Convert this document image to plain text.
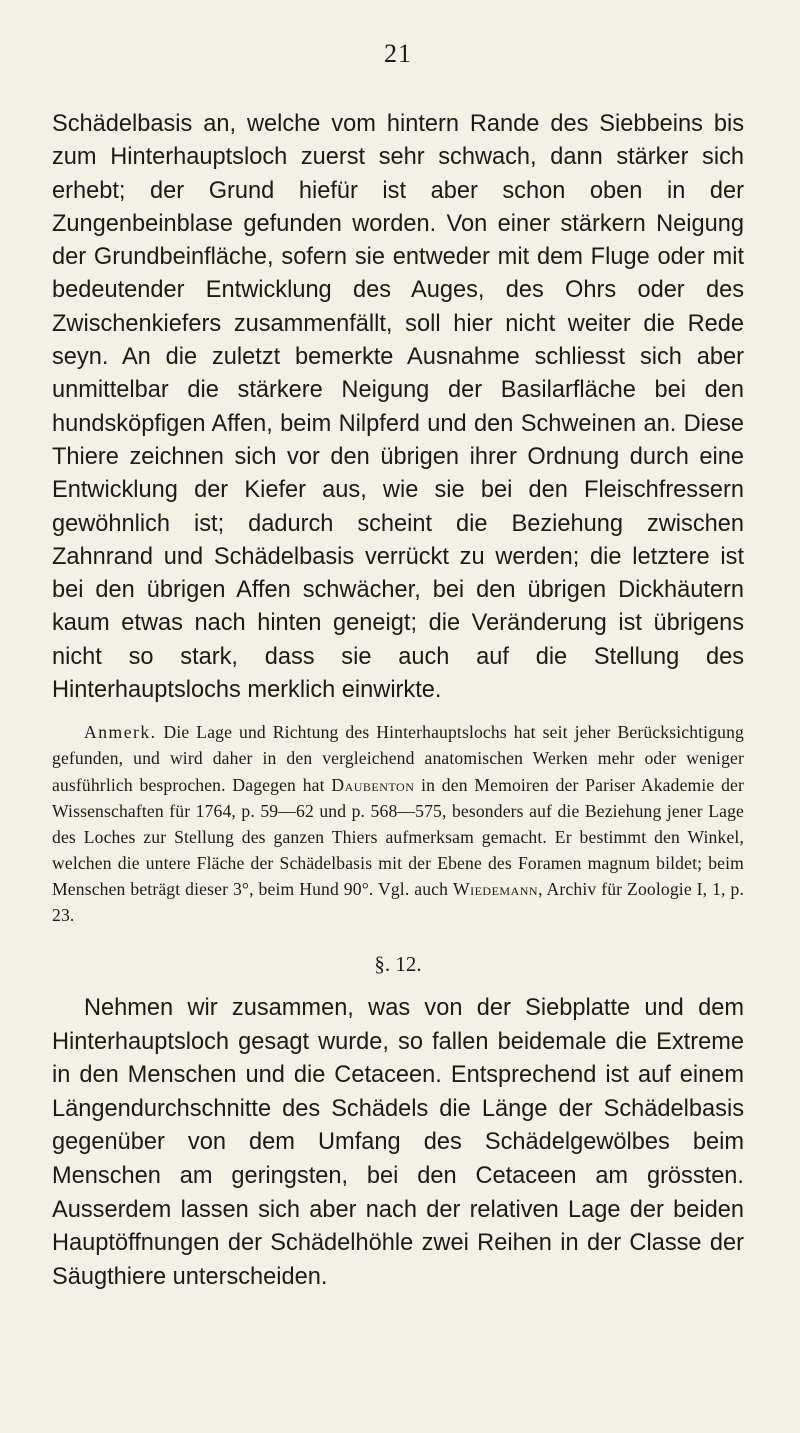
21

Schädelbasis an, welche vom hintern Rande des Siebbeins bis zum Hinterhauptsloch zuerst sehr schwach, dann stärker sich erhebt; der Grund hiefür ist aber schon oben in der Zungenbeinblase gefunden worden. Von einer stärkern Neigung der Grundbeinfläche, sofern sie entweder mit dem Fluge oder mit bedeutender Entwicklung des Auges, des Ohrs oder des Zwischenkiefers zusammenfällt, soll hier nicht weiter die Rede seyn. An die zuletzt bemerkte Ausnahme schliesst sich aber unmittelbar die stärkere Neigung der Basilarfläche bei den hundsköpfigen Affen, beim Nilpferd und den Schweinen an. Diese Thiere zeichnen sich vor den übrigen ihrer Ordnung durch eine Entwicklung der Kiefer aus, wie sie bei den Fleischfressern gewöhnlich ist; dadurch scheint die Beziehung zwischen Zahnrand und Schädelbasis verrückt zu werden; die letztere ist bei den übrigen Affen schwächer, bei den übrigen Dickhäutern kaum etwas nach hinten geneigt; die Veränderung ist übrigens nicht so stark, dass sie auch auf die Stellung des Hinterhauptslochs merklich einwirkte.

Anmerk. Die Lage und Richtung des Hinterhauptslochs hat seit jeher Berücksichtigung gefunden, und wird daher in den vergleichend anatomischen Werken mehr oder weniger ausführlich besprochen. Dagegen hat Daubenton in den Memoiren der Pariser Akademie der Wissenschaften für 1764, p. 59—62 und p. 568—575, besonders auf die Beziehung jener Lage des Loches zur Stellung des ganzen Thiers aufmerksam gemacht. Er bestimmt den Winkel, welchen die untere Fläche der Schädelbasis mit der Ebene des Foramen magnum bildet; beim Menschen beträgt dieser 3°, beim Hund 90°. Vgl. auch Wiedemann, Archiv für Zoologie I, 1, p. 23.

§. 12.

Nehmen wir zusammen, was von der Siebplatte und dem Hinterhauptsloch gesagt wurde, so fallen beidemale die Extreme in den Menschen und die Cetaceen. Entsprechend ist auf einem Längendurchschnitte des Schädels die Länge der Schädelbasis gegenüber von dem Umfang des Schädelgewölbes beim Menschen am geringsten, bei den Cetaceen am grössten. Ausserdem lassen sich aber nach der relativen Lage der beiden Hauptöffnungen der Schädelhöhle zwei Reihen in der Classe der Säugthiere unterscheiden.
